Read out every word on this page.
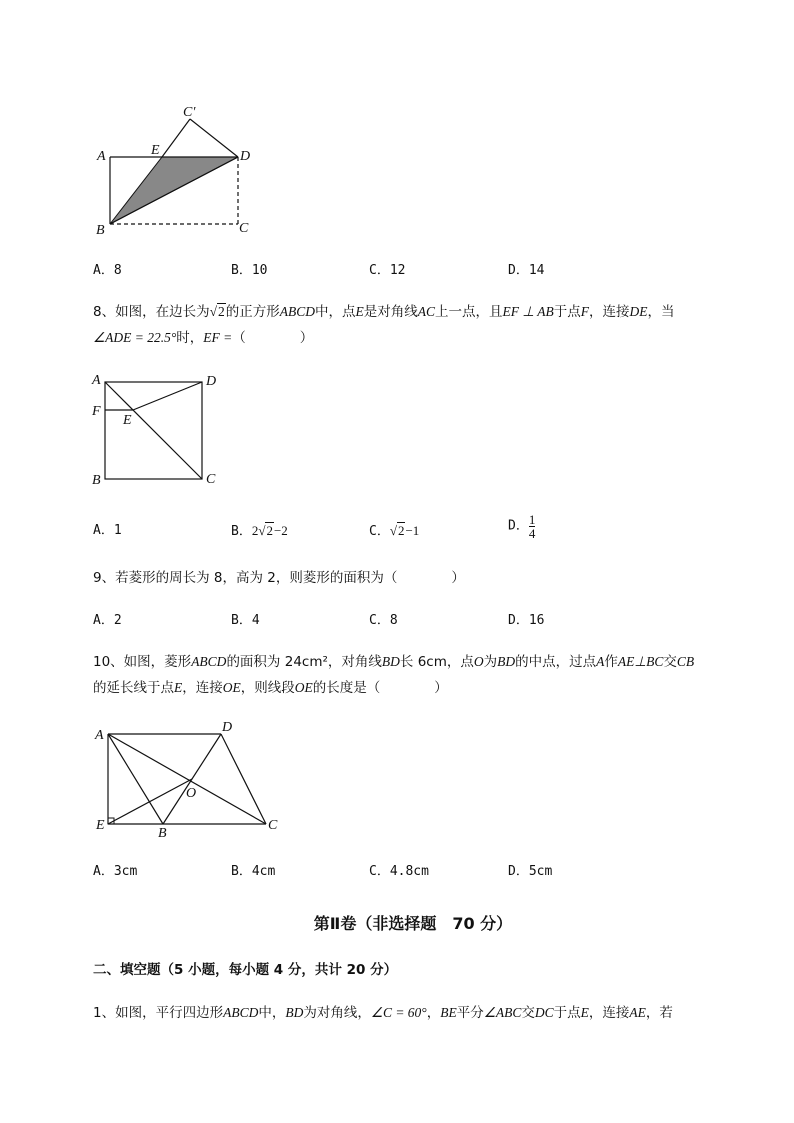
A	E
C′
D
B	C
A．8	B．10	C．12	D．14
8、如图，在边长为√2的正方形ABCD中，点E是对角线AC上一点，且EF ⊥ AB于点F，连接DE，当
∠ADE = 22.5°时，EF =（　　　　）
A	D
F
E
B	C
A．1	B．2√2−2	C．√2−1	D． $\frac{1}{4}$
9、若菱形的周长为 8，高为 2，则菱形的面积为（　　　　）
A．2	B．4	C．8	D．16
10、如图，菱形ABCD的面积为 24cm²，对角线BD长 6cm，点O为BD的中点，过点A作AE⊥BC交CB
的延长线于点E，连接OE，则线段OE的长度是（　　　　）
A
D
O
E
B
C
A．3cm	B．4cm	C．4.8cm	D．5cm
第Ⅱ卷（非选择题　70 分）
二、填空题（5 小题，每小题 4 分，共计 20 分）
1、如图，平行四边形ABCD中，BD为对角线，∠C = 60°，BE平分∠ABC交DC于点E，连接AE，若
